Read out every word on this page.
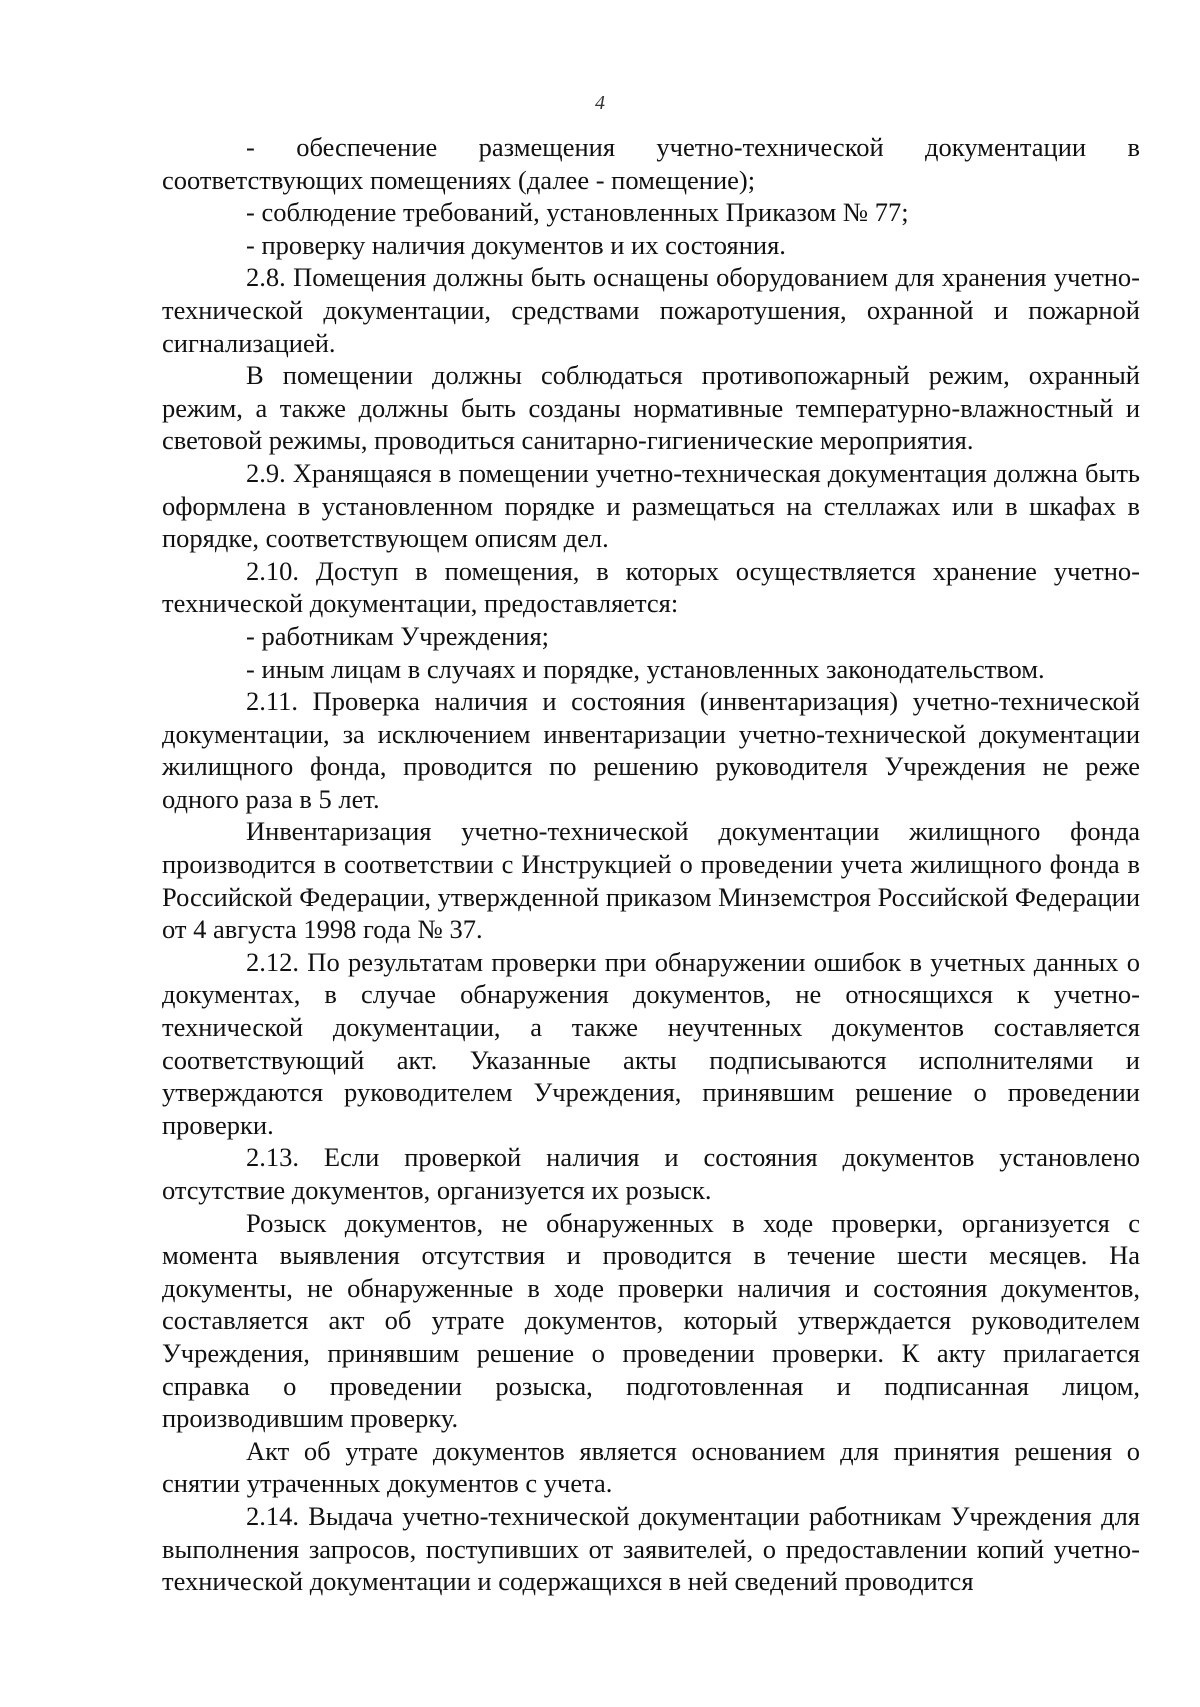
4

- обеспечение размещения учетно-технической документации в соответствующих помещениях (далее - помещение);

- соблюдение требований, установленных Приказом № 77;

- проверку наличия документов и их состояния.

2.8. Помещения должны быть оснащены оборудованием для хранения учетно-технической документации, средствами пожаротушения, охранной и пожарной сигнализацией.

В помещении должны соблюдаться противопожарный режим, охранный режим, а также должны быть созданы нормативные температурно-влажностный и световой режимы, проводиться санитарно-гигиенические мероприятия.

2.9. Хранящаяся в помещении учетно-техническая документация должна быть оформлена в установленном порядке и размещаться на стеллажах или в шкафах в порядке, соответствующем описям дел.

2.10. Доступ в помещения, в которых осуществляется хранение учетно-технической документации, предоставляется:

- работникам Учреждения;

- иным лицам в случаях и порядке, установленных законодательством.

2.11. Проверка наличия и состояния (инвентаризация) учетно-технической документации, за исключением инвентаризации учетно-технической документации жилищного фонда, проводится по решению руководителя Учреждения не реже одного раза в 5 лет.

Инвентаризация учетно-технической документации жилищного фонда производится в соответствии с Инструкцией о проведении учета жилищного фонда в Российской Федерации, утвержденной приказом Минземстроя Российской Федерации от 4 августа 1998 года № 37.

2.12. По результатам проверки при обнаружении ошибок в учетных данных о документах, в случае обнаружения документов, не относящихся к учетно-технической документации, а также неучтенных документов составляется соответствующий акт. Указанные акты подписываются исполнителями и утверждаются руководителем Учреждения, принявшим решение о проведении проверки.

2.13. Если проверкой наличия и состояния документов установлено отсутствие документов, организуется их розыск.

Розыск документов, не обнаруженных в ходе проверки, организуется с момента выявления отсутствия и проводится в течение шести месяцев. На документы, не обнаруженные в ходе проверки наличия и состояния документов, составляется акт об утрате документов, который утверждается руководителем Учреждения, принявшим решение о проведении проверки. К акту прилагается справка о проведении розыска, подготовленная и подписанная лицом, производившим проверку.

Акт об утрате документов является основанием для принятия решения о снятии утраченных документов с учета.

2.14. Выдача учетно-технической документации работникам Учреждения для выполнения запросов, поступивших от заявителей, о предоставлении копий учетно-технической документации и содержащихся в ней сведений проводится
